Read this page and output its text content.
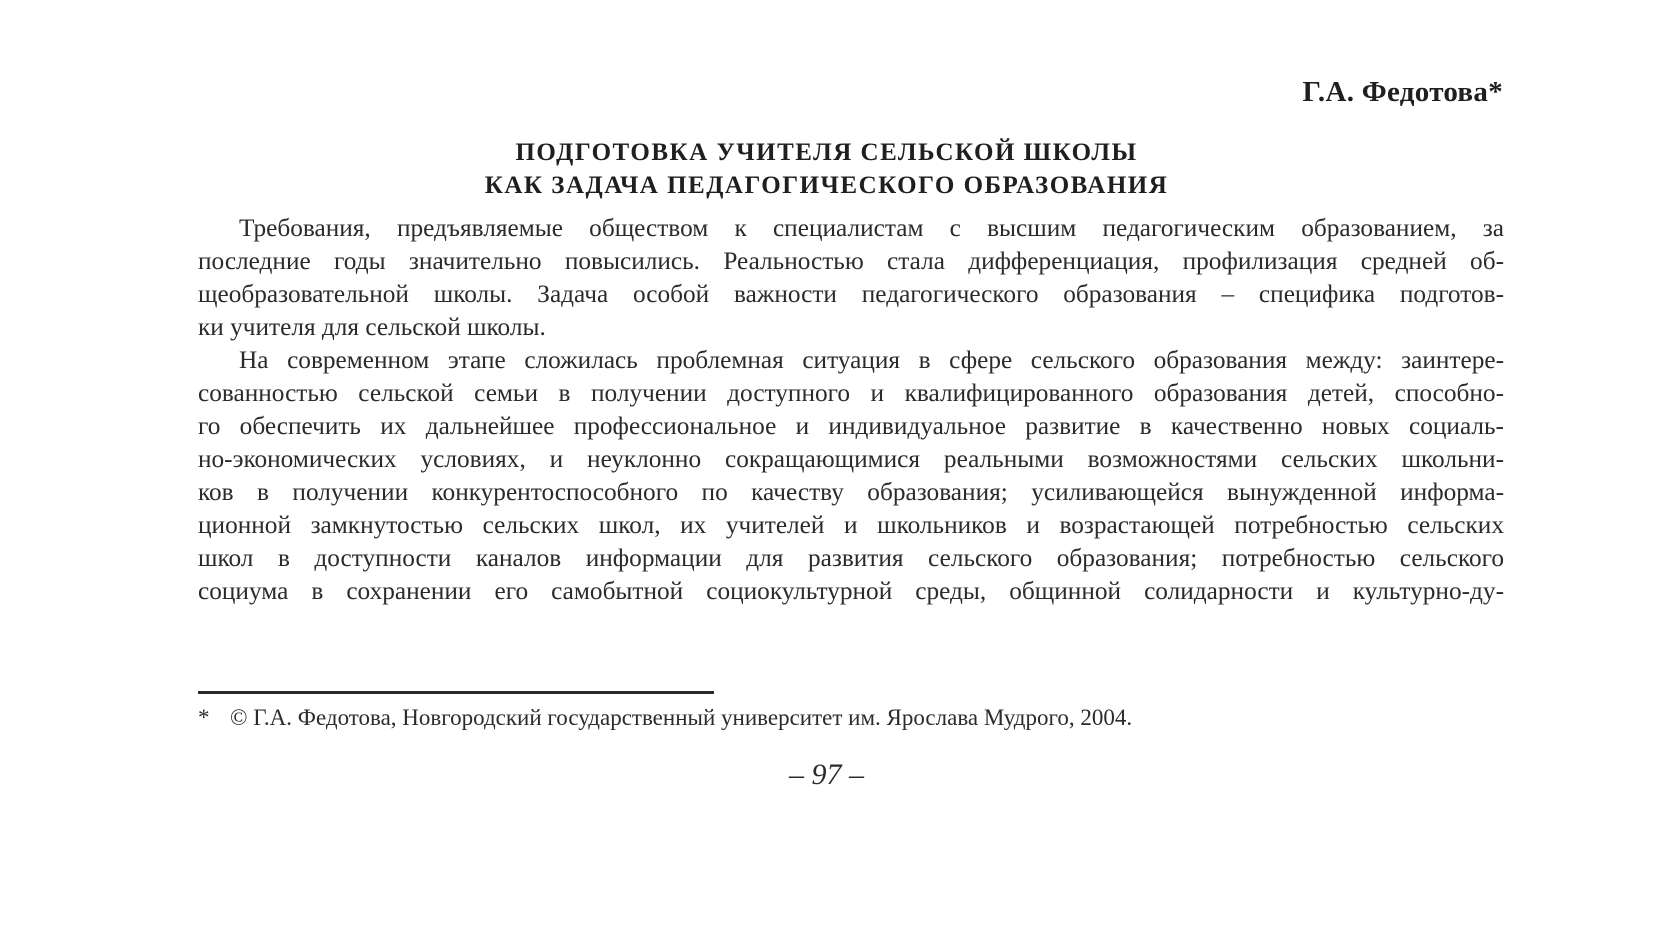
Г.А. Федотова*
ПОДГОТОВКА УЧИТЕЛЯ СЕЛЬСКОЙ ШКОЛЫ
КАК ЗАДАЧА ПЕДАГОГИЧЕСКОГО ОБРАЗОВАНИЯ
Требования, предъявляемые обществом к специалистам с высшим педагогическим образованием, за
последние годы значительно повысились. Реальностью стала дифференциация, профилизация средней об-
щеобразовательной школы. Задача особой важности педагогического образования – специфика подготов-
ки учителя для сельской школы.
На современном этапе сложилась проблемная ситуация в сфере сельского образования между: заинтере-
сованностью сельской семьи в получении доступного и квалифицированного образования детей, способно-
го обеспечить их дальнейшее профессиональное и индивидуальное развитие в качественно новых социаль-
но-экономических условиях, и неуклонно сокращающимися реальными возможностями сельских школьни-
ков в получении конкурентоспособного по качеству образования; усиливающейся вынужденной информа-
ционной замкнутостью сельских школ, их учителей и школьников и возрастающей потребностью сельских
школ в доступности каналов информации для развития сельского образования; потребностью сельского
социума в сохранении его самобытной социокультурной среды, общинной солидарности и культурно-ду-
* © Г.А. Федотова, Новгородский государственный университет им. Ярослава Мудрого, 2004.
– 97 –
